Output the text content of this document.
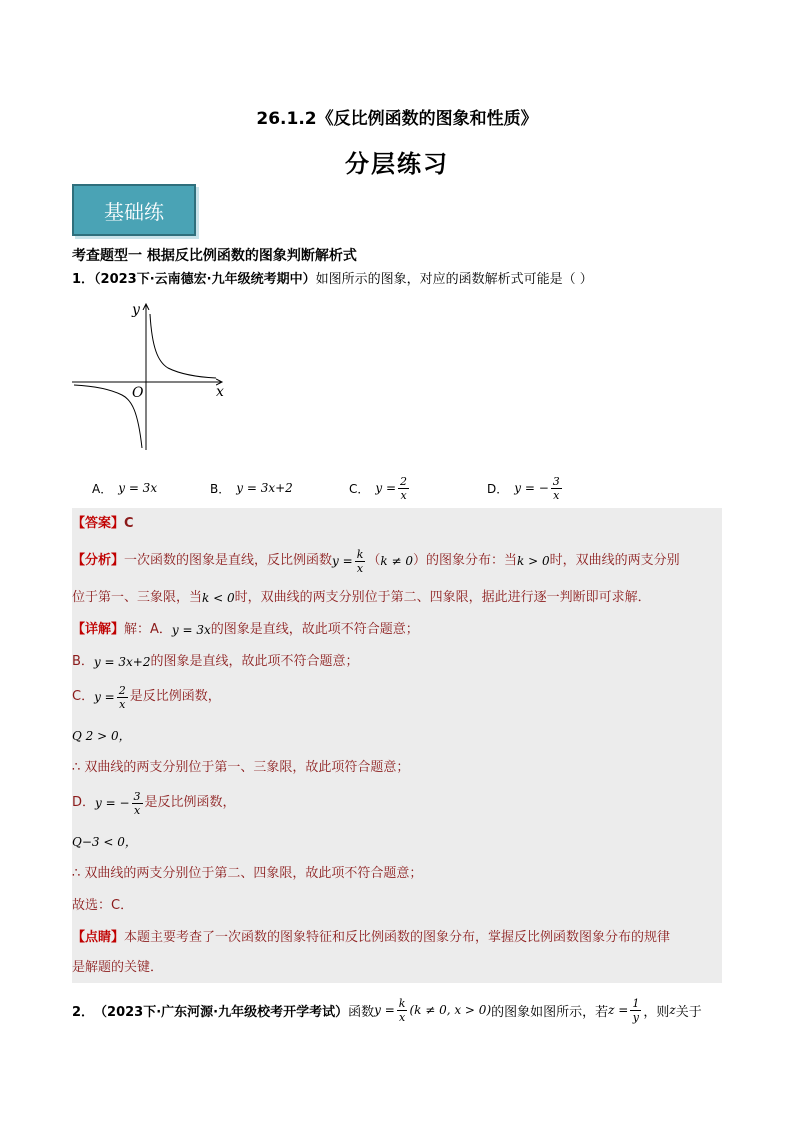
26.1.2《反比例函数的图象和性质》
分层练习
基础练
考查题型一 根据反比例函数的图象判断解析式
1．（2023下·云南德宏·九年级统考期中）如图所示的图象，对应的函数解析式可能是（ ）
y
x
O
A． y = 3x	B． y = 3x+2	C． $y = \frac{2}{x}$	D． y = − $\frac{3}{x}$
【答案】 C
【分析】 一次函数的图象是直线，反比例函数 $y = \frac{k}{x}$ （ k ≠ 0 ）的图象分布：当 k > 0 时，双曲线的两支分别
位于第一、三象限，当 k < 0 时，双曲线的两支分别位于第二、四象限，据此进行逐一判断即可求解．
【详解】 解：A． y = 3x 的图象是直线，故此项不符合题意；
B． y = 3x+2 的图象是直线，故此项不符合题意；
C． $y = \frac{2}{x}$ 是反比例函数，
Q 2 > 0，
∴ 双曲线的两支分别位于第一、三象限，故此项符合题意；
D． y = − $\frac{3}{x}$ 是反比例函数，
Q−3 < 0，
∴ 双曲线的两支分别位于第二、四象限，故此项不符合题意；
故选：C．
【点睛】 本题主要考查了一次函数的图象特征和反比例函数的图象分布，掌握反比例函数图象分布的规律
是解题的关键．
2． （2023下·广东河源·九年级校考开学考试） 函数 $y = \frac{k}{x} (k \ne 0$, x > 0) 的图象如图所示，若 $z = \frac{1}{y}$ ，则 z 关于
